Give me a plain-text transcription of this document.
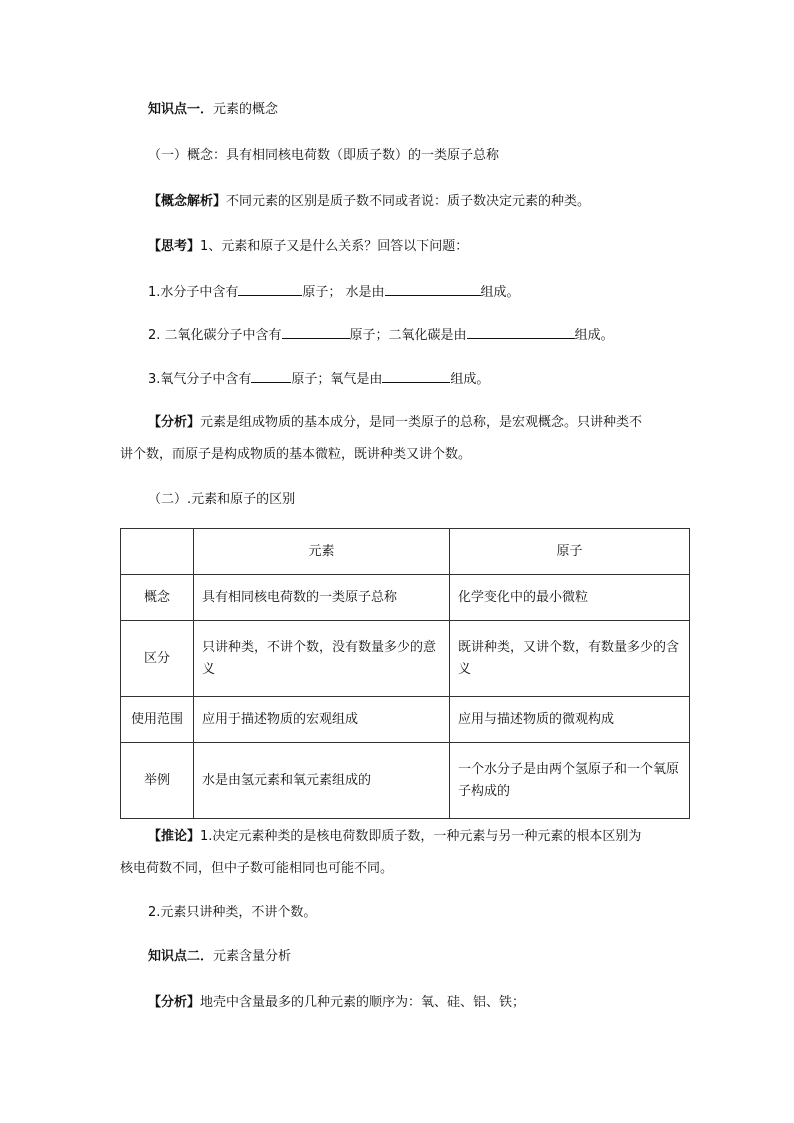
知识点一．元素的概念
（一）概念：具有相同核电荷数（即质子数）的一类原子总称
【概念解析】不同元素的区别是质子数不同或者说：质子数决定元素的种类。
【思考】1、元素和原子又是什么关系？回答以下问题：
1.水分子中含有	原子； 水是由	组成。
2. 二氧化碳分子中含有	原子；二氧化碳是由	组成。
3.氧气分子中含有	原子；氧气是由	组成。
【分析】元素是组成物质的基本成分，是同一类原子的总称，是宏观概念。只讲种类不
讲个数，而原子是构成物质的基本微粒，既讲种类又讲个数。
（二）.元素和原子的区别
	元素	原子
概念	具有相同核电荷数的一类原子总称	化学变化中的最小微粒
区分	只讲种类，不讲个数，没有数量多少的意义	既讲种类，又讲个数，有数量多少的含义
使用范围	应用于描述物质的宏观组成	应用与描述物质的微观构成
举例	水是由氢元素和氧元素组成的	一个水分子是由两个氢原子和一个氧原子构成的
【推论】1.决定元素种类的是核电荷数即质子数，一种元素与另一种元素的根本区别为
核电荷数不同，但中子数可能相同也可能不同。
2.元素只讲种类，不讲个数。
知识点二．元素含量分析
【分析】地壳中含量最多的几种元素的顺序为：氧、硅、铝、铁；
